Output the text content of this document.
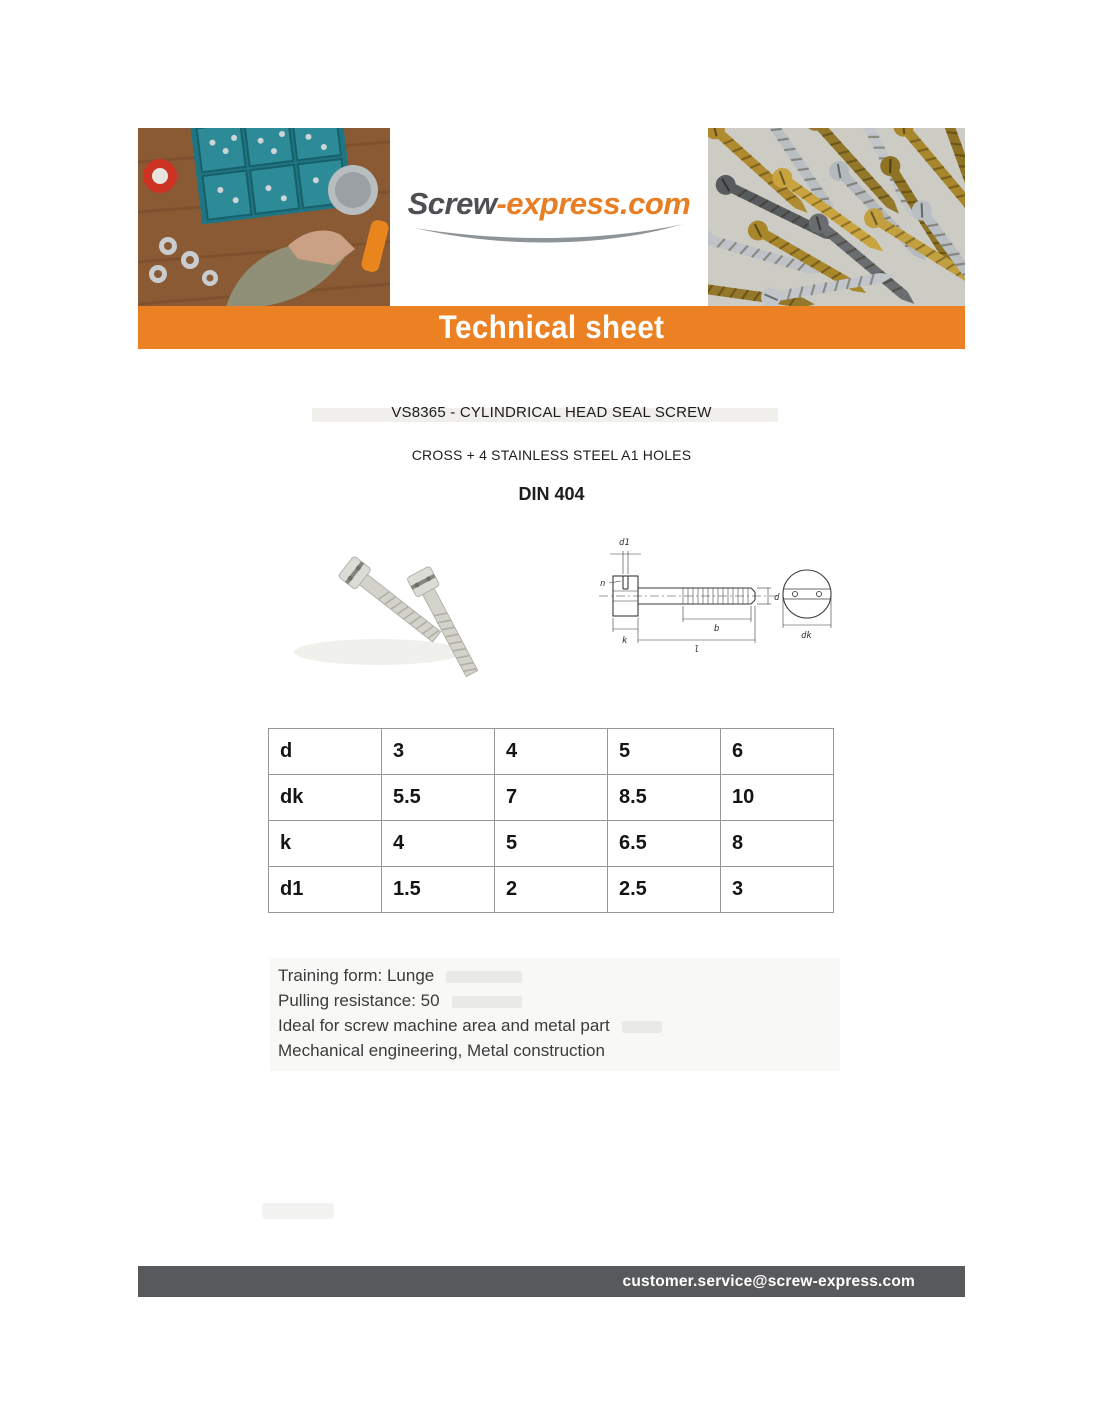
Screw-express.com
Technical sheet
VS8365 - CYLINDRICAL HEAD SEAL SCREW
CROSS + 4 STAINLESS STEEL A1 HOLES
DIN 404
d1
n
k
b
l
d
dk
d	3	4	5	6
dk	5.5	7	8.5	10
k	4	5	6.5	8
d1	1.5	2	2.5	3
Training form: Lunge
Pulling resistance: 50
Ideal for screw machine area and metal part
Mechanical engineering, Metal construction
customer.service@screw-express.com
